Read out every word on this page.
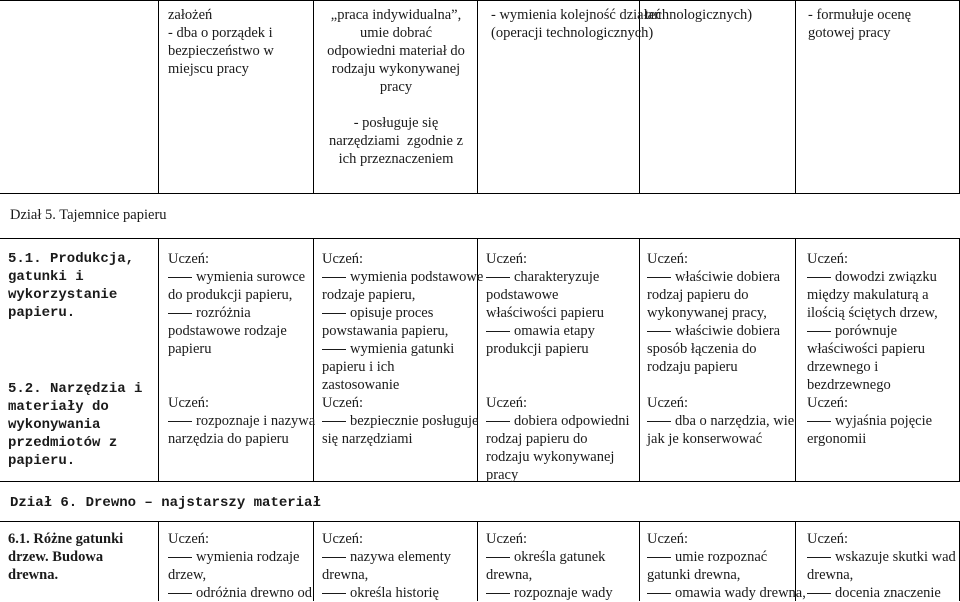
założeń
- dba o porządek i
bezpieczeństwo w
miejscu pracy
„praca indywidualna”,
umie dobrać
odpowiedni materiał do
rodzaju wykonywanej
pracy
- posługuje się
narzędziami  zgodnie z
ich przeznaczeniem
- wymienia kolejność działań
(operacji technologicznych)
technologicznych)	- formułuje ocenę
gotowej pracy
Dział 5. Tajemnice papieru
5.1. Produkcja,
gatunki i
wykorzystanie
papieru.
5.2. Narzędzia i
materiały do
wykonywania
przedmiotów z
papieru.
Uczeń:
wymienia surowce
do produkcji papieru,
rozróżnia
podstawowe rodzaje
papieru
Uczeń:
rozpoznaje i nazywa
narzędzia do papieru
Uczeń:
wymienia podstawowe
rodzaje papieru,
opisuje proces
powstawania papieru,
wymienia gatunki
papieru i ich
zastosowanie
Uczeń:
bezpiecznie posługuje
się narzędziami
Uczeń:
charakteryzuje
podstawowe
właściwości papieru
omawia etapy
produkcji papieru
Uczeń:
dobiera odpowiedni
rodzaj papieru do
rodzaju wykonywanej
pracy
Uczeń:
właściwie dobiera
rodzaj papieru do
wykonywanej pracy,
właściwie dobiera
sposób łączenia do
rodzaju papieru
Uczeń:
dba o narzędzia, wie
jak je konserwować
Uczeń:
dowodzi związku
między makulaturą a
ilością ściętych drzew,
porównuje
właściwości papieru
drzewnego i
bezdrzewnego
Uczeń:
wyjaśnia pojęcie
ergonomii
Dział 6. Drewno – najstarszy materiał
6.1. Różne gatunki
drzew. Budowa
drewna.
Uczeń:
wymienia rodzaje
drzew,
odróżnia drewno od
Uczeń:
nazywa elementy
drewna,
określa historię
Uczeń:
określa gatunek
drewna,
rozpoznaje wady
Uczeń:
umie rozpoznać
gatunki drewna,
omawia wady drewna,
Uczeń:
wskazuje skutki wad
drewna,
docenia znaczenie
